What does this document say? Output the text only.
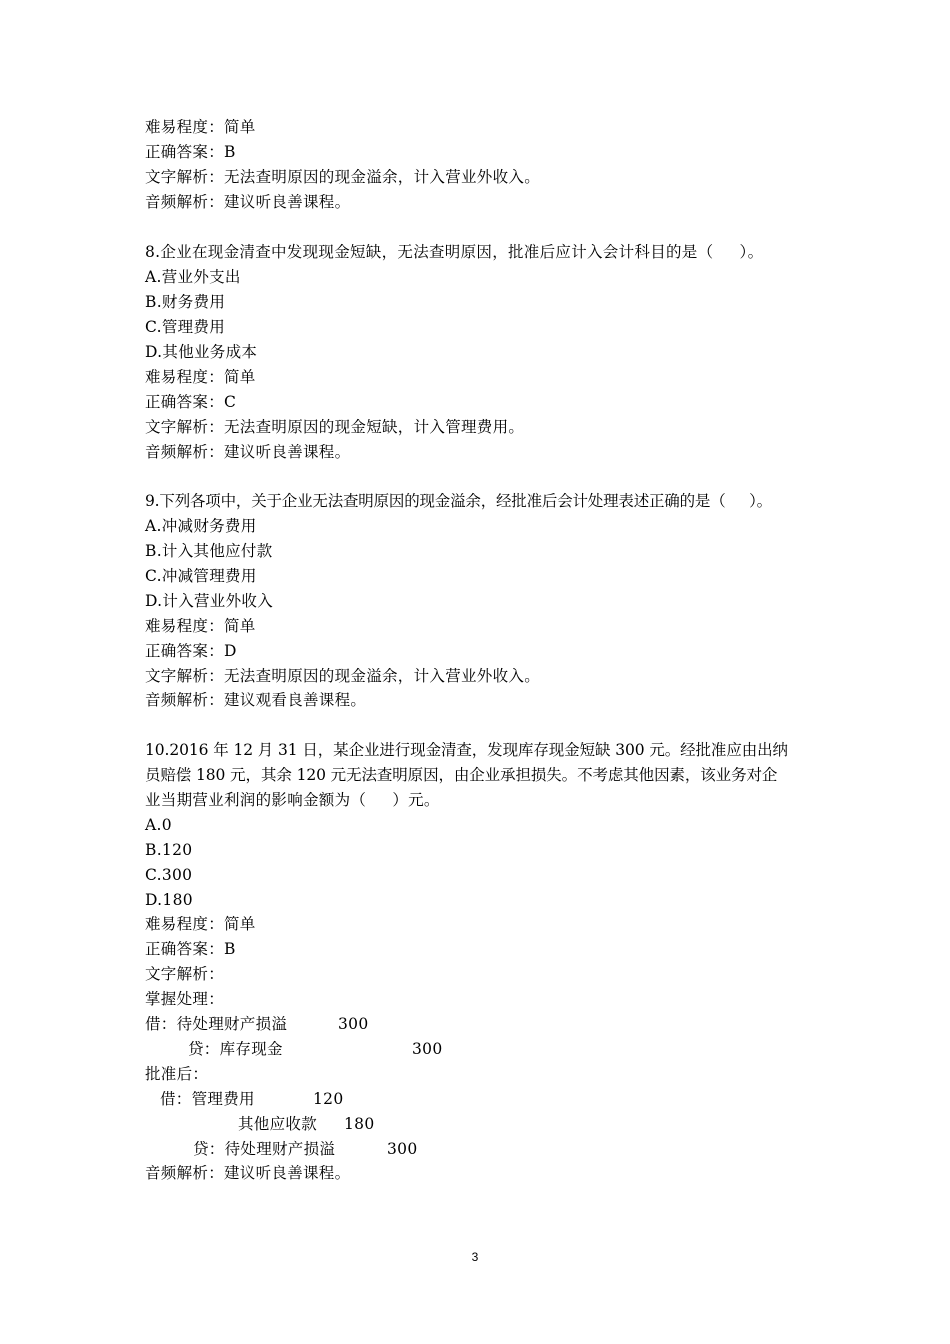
难易程度：简单
正确答案：B
文字解析：无法查明原因的现金溢余，计入营业外收入。
音频解析：建议听良善课程。
8.企业在现金清查中发现现金短缺，无法查明原因，批准后应计入会计科目的是（     ）。
A.营业外支出
B.财务费用
C.管理费用
D.其他业务成本
难易程度：简单
正确答案：C
文字解析：无法查明原因的现金短缺，计入管理费用。
音频解析：建议听良善课程。
9.下列各项中，关于企业无法查明原因的现金溢余，经批准后会计处理表述正确的是（     ）。
A.冲减财务费用
B.计入其他应付款
C.冲减管理费用
D.计入营业外收入
难易程度：简单
正确答案：D
文字解析：无法查明原因的现金溢余，计入营业外收入。
音频解析：建议观看良善课程。
10.2016 年 12 月 31 日，某企业进行现金清查，发现库存现金短缺 300 元。经批准应由出纳
员赔偿 180 元，其余 120 元无法查明原因，由企业承担损失。不考虑其他因素，该业务对企
业当期营业利润的影响金额为（     ）元。
A.0
B.120
C.300
D.180
难易程度：简单
正确答案：B
文字解析：
掌握处理：
借：待处理财产损溢	300
贷：库存现金	300
批准后：
借：管理费用	120
其他应收款 180
贷：待处理财产损溢	300
音频解析：建议听良善课程。
3
